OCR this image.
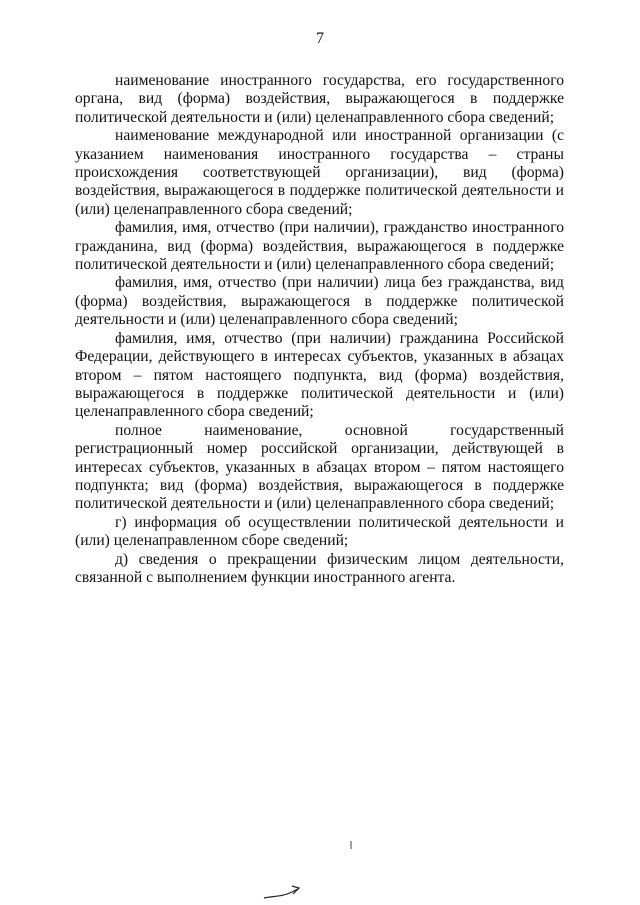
7

наименование иностранного государства, его государственного органа, вид (форма) воздействия, выражающегося в поддержке политической деятельности и (или) целенаправленного сбора сведений;

наименование международной или иностранной организации (с указанием наименования иностранного государства – страны происхождения соответствующей организации), вид (форма) воздействия, выражающегося в поддержке политической деятельности и (или) целенаправленного сбора сведений;

фамилия, имя, отчество (при наличии), гражданство иностранного гражданина, вид (форма) воздействия, выражающегося в поддержке политической деятельности и (или) целенаправленного сбора сведений;

фамилия, имя, отчество (при наличии) лица без гражданства, вид (форма) воздействия, выражающегося в поддержке политической деятельности и (или) целенаправленного сбора сведений;

фамилия, имя, отчество (при наличии) гражданина Российской Федерации, действующего в интересах субъектов, указанных в абзацах втором – пятом настоящего подпункта, вид (форма) воздействия, выражающегося в поддержке политической деятельности и (или) целенаправленного сбора сведений;

полное наименование, основной государственный регистрационный номер российской организации, действующей в интересах субъектов, указанных в абзацах втором – пятом настоящего подпункта; вид (форма) воздействия, выражающегося в поддержке политической деятельности и (или) целенаправленного сбора сведений;

г) информация об осуществлении политической деятельности и (или) целенаправленном сборе сведений;

д) сведения о прекращении физическим лицом деятельности, связанной с выполнением функции иностранного агента.
